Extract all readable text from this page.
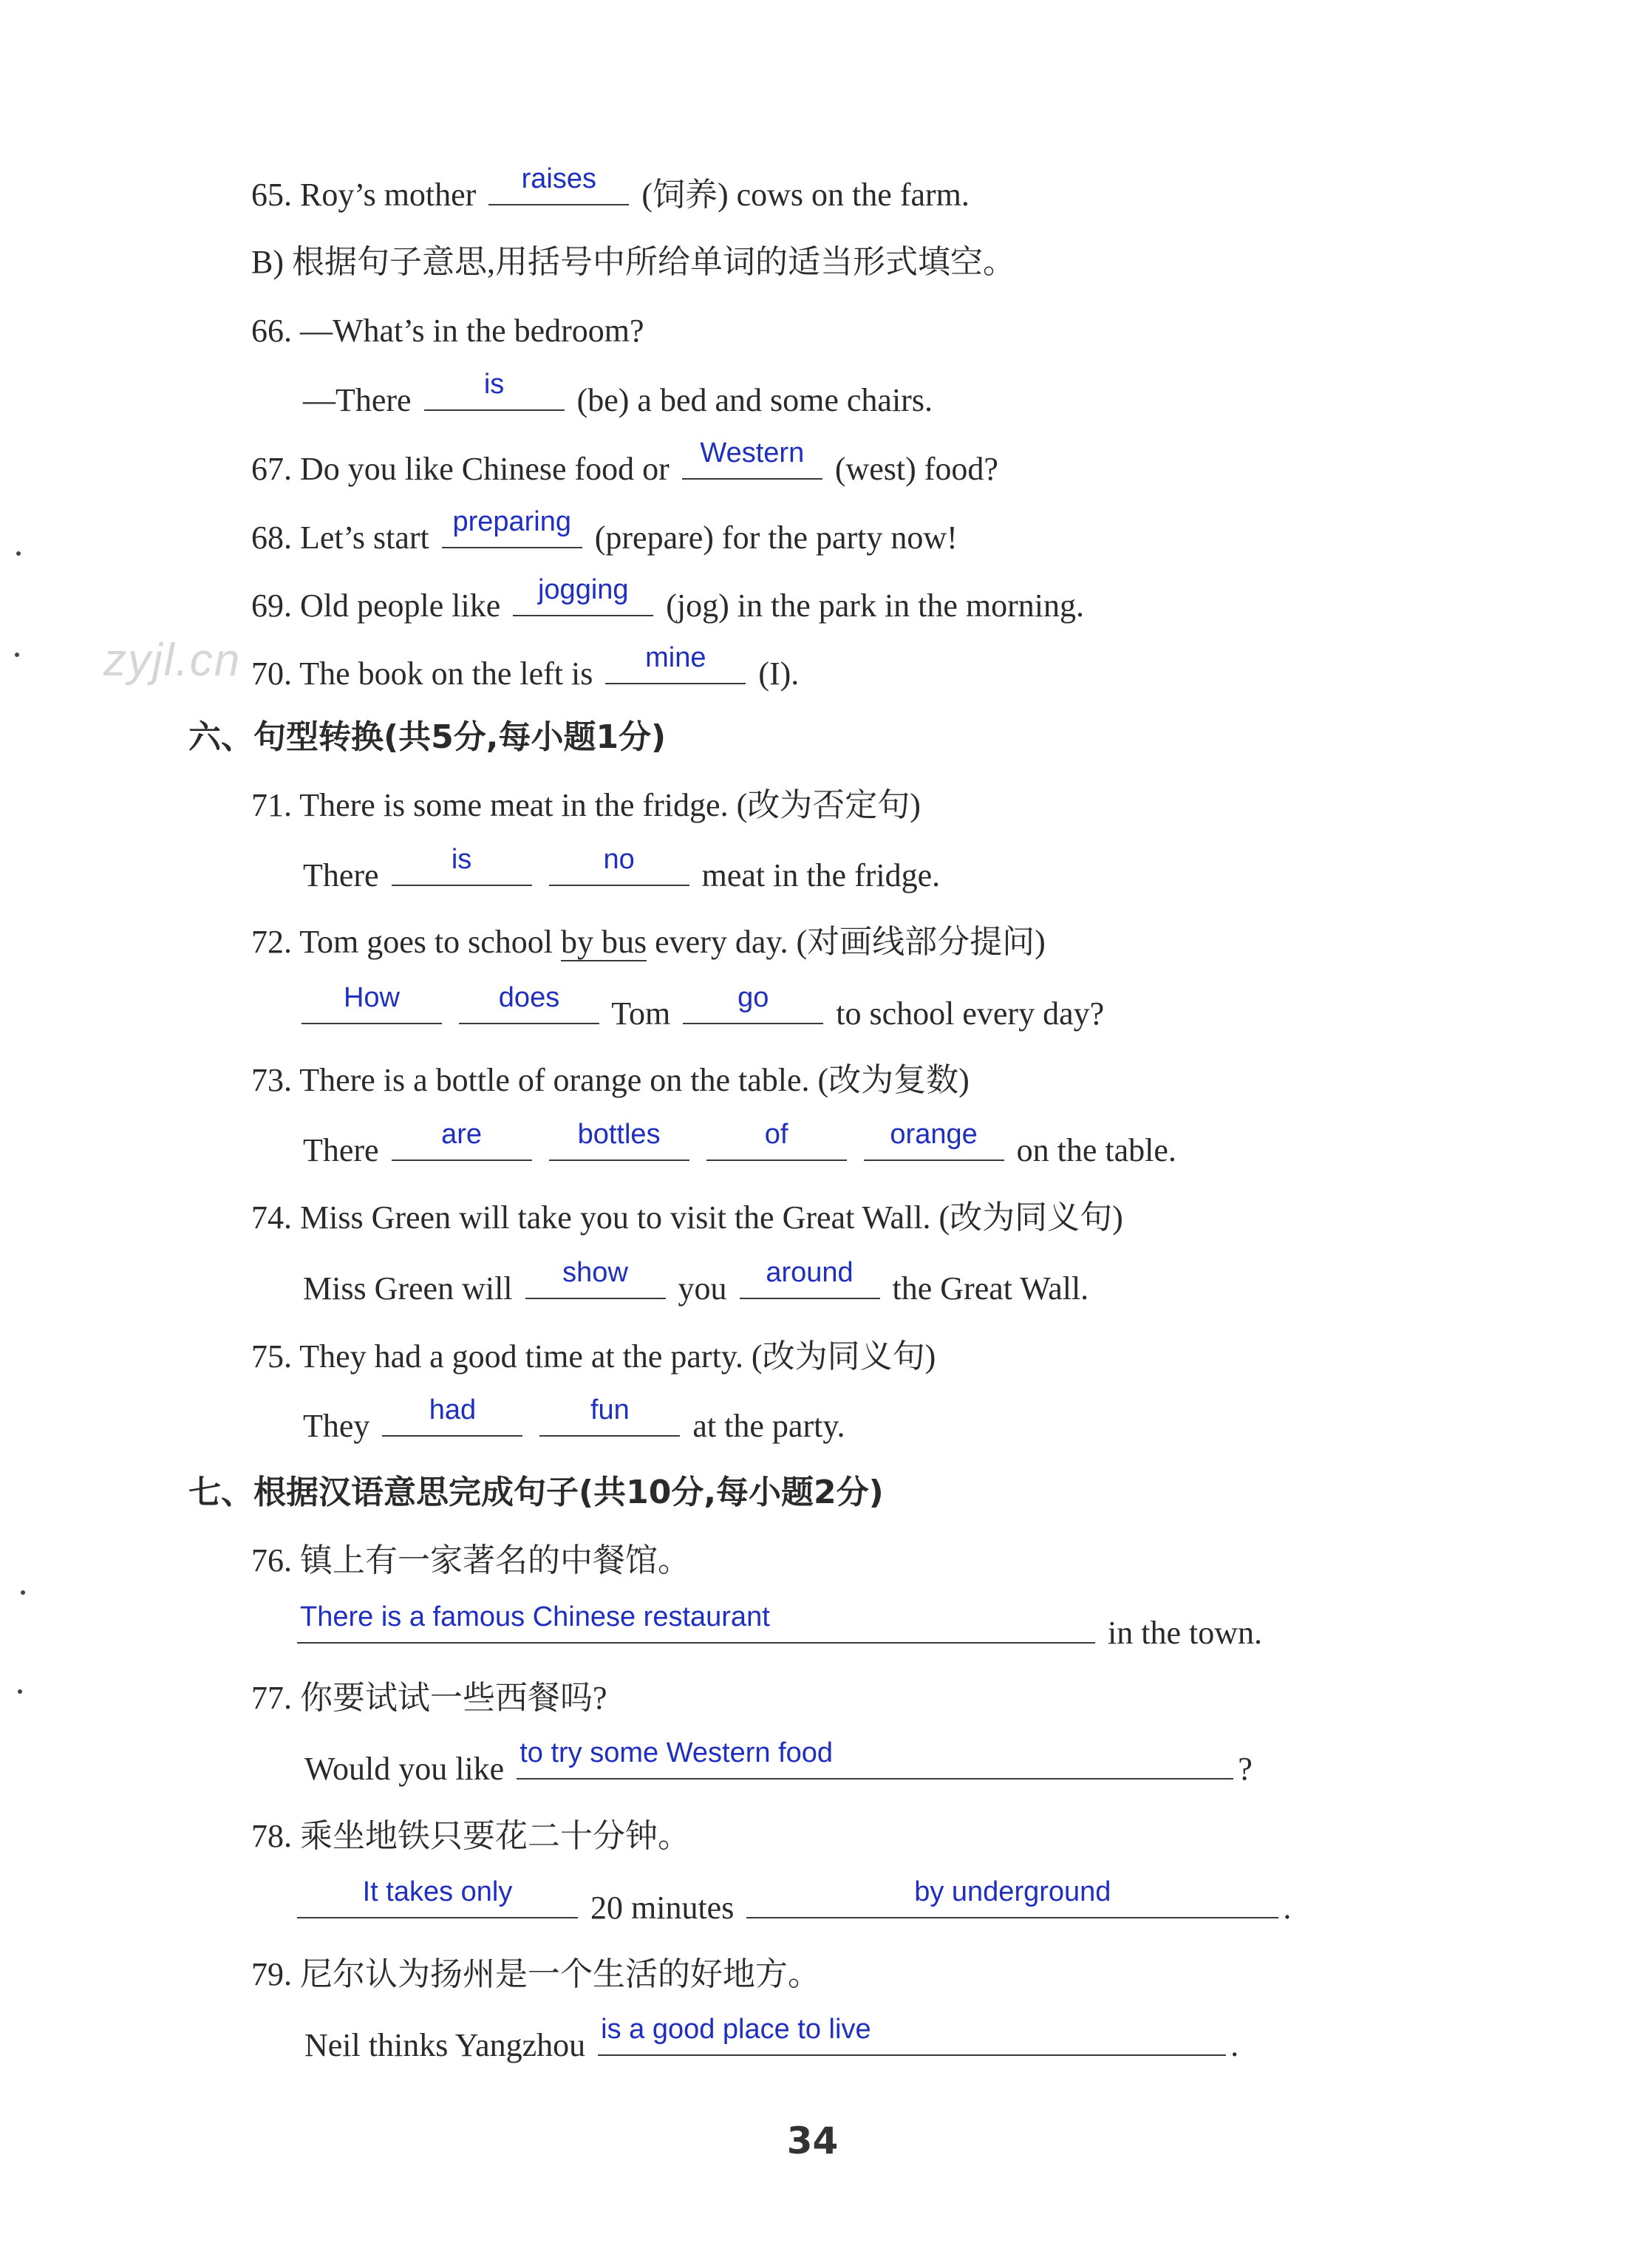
zyjl.cn
65. Roy’s mother	raises	(饲养) cows on the farm.
B) 根据句子意思,用括号中所给单词的适当形式填空。
66. —What’s in the bedroom?
—There	is	(be) a bed and some chairs.
67. Do you like Chinese food or	Western (west) food?
68. Let’s start preparing (prepare) for the party now!
69. Old people like	jogging	(jog) in the park in the morning.
70. The book on the left is	mine	(I).
六、句型转换(共5分,每小题1分)
71. There is some meat in the fridge. (改为否定句)
There	is
	no	meat in the fridge.
72. Tom goes to school by bus every day. (对画线部分提问)
How
	does	Tom	go	to school every day?
73. There is a bottle of orange on the table. (改为复数)
There	are
	bottles
	of
	orange	on the table.
74. Miss Green will take you to visit the Great Wall. (改为同义句)
Miss Green will	show	you	around	the Great Wall.
75. They had a good time at the party. (改为同义句)
They	had
	fun	at the party.
七、根据汉语意思完成句子(共10分,每小题2分)
76. 镇上有一家著名的中餐馆。
There is a famous Chinese restaurant	in the town.
77. 你要试试一些西餐吗?
Would you like to try some Western food	?
78. 乘坐地铁只要花二十分钟。
It takes only	20 minutes	by underground	.
79. 尼尔认为扬州是一个生活的好地方。
Neil thinks Yangzhou is a good place to live	.
34
